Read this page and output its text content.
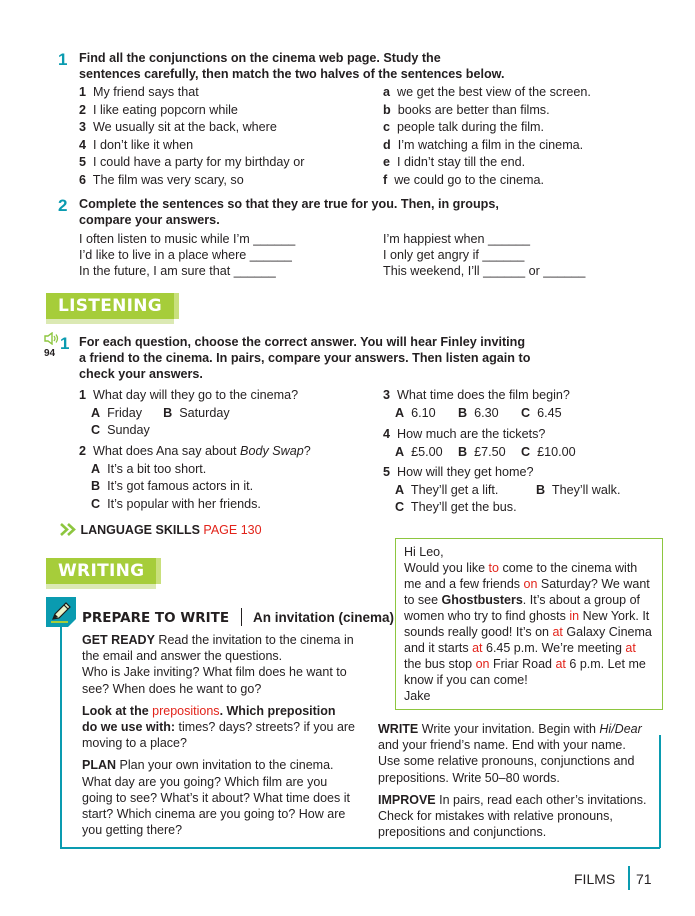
1 Find all the conjunctions on the cinema web page. Study the
sentences carefully, then match the two halves of the sentences below.
1 My friend says that
2 I like eating popcorn while
3 We usually sit at the back, where
4 I don’t like it when
5 I could have a party for my birthday or
6 The film was very scary, so
a we get the best view of the screen.
b books are better than films.
c people talk during the film.
d I’m watching a film in the cinema.
e I didn’t stay till the end.
f we could go to the cinema.
2 Complete the sentences so that they are true for you. Then, in groups,
compare your answers.
I often listen to music while I’m ______
I’d like to live in a place where ______
In the future, I am sure that ______
I’m happiest when ______
I only get angry if ______
This weekend, I’ll ______ or ______
LISTENING
94
1 For each question, choose the correct answer. You will hear Finley inviting
a friend to the cinema. In pairs, compare your answers. Then listen again to
check your answers.
1 What day will they go to the cinema?
A Friday B Saturday
C Sunday
2 What does Ana say about Body Swap?
A It’s a bit too short.
B It’s got famous actors in it.
C It’s popular with her friends.
3 What time does the film begin?
A 6.10 B 6.30 C 6.45
4 How much are the tickets?
A £5.00 B £7.50 C £10.00
5 How will they get home?
A They’ll get a lift.	B They’ll walk.
C They’ll get the bus.
LANGUAGE SKILLS PAGE 130
WRITING
PREPARE TO WRITE An invitation (cinema)
GET READY Read the invitation to the cinema in
the email and answer the questions.
Who is Jake inviting? What film does he want to
see? When does he want to go?
Look at the prepositions. Which preposition
do we use with: times? days? streets? if you are
moving to a place?
PLAN Plan your own invitation to the cinema.
What day are you going? Which film are you
going to see? What’s it about? What time does it
start? Which cinema are you going to? How are
you getting there?
WRITE Write your invitation. Begin with Hi/Dear
and your friend’s name. End with your name.
Use some relative pronouns, conjunctions and
prepositions. Write 50–80 words.
IMPROVE In pairs, read each other’s invitations.
Check for mistakes with relative pronouns,
prepositions and conjunctions.
Hi Leo,
Would you like to come to the cinema with
me and a few friends on Saturday? We want
to see Ghostbusters. It’s about a group of
women who try to find ghosts in New York. It
sounds really good! It’s on at Galaxy Cinema
and it starts at 6.45 p.m. We’re meeting at
the bus stop on Friar Road at 6 p.m. Let me
know if you can come!
Jake
FILMS 71
